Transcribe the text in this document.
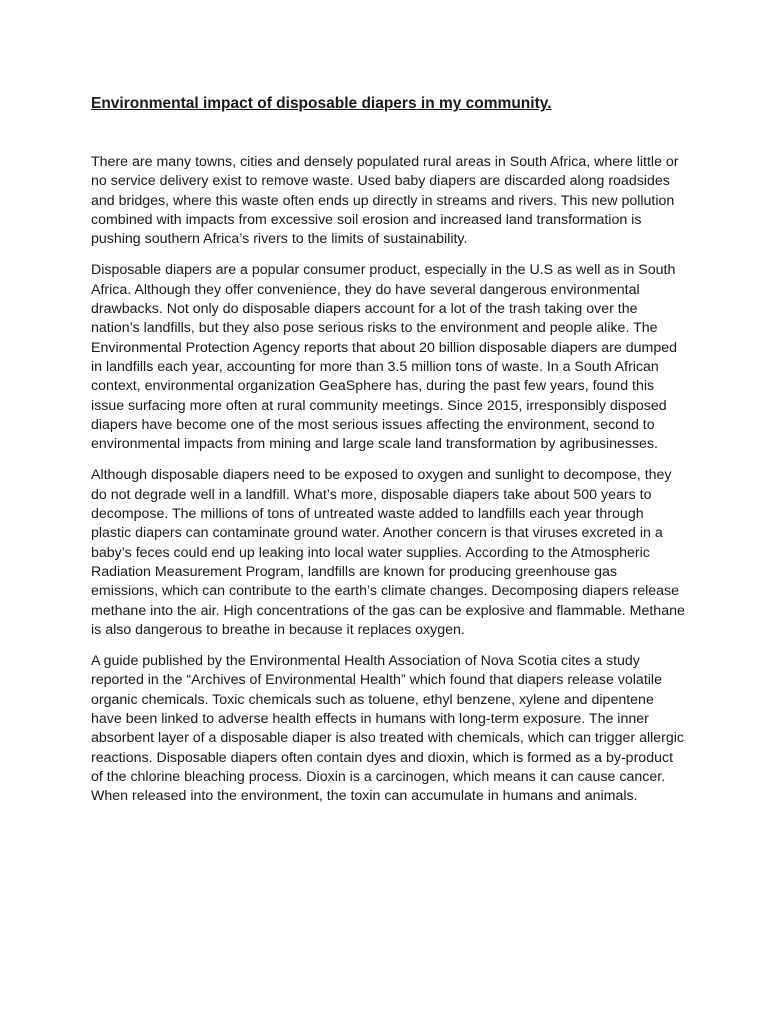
Environmental impact of disposable diapers in my community.

There are many towns, cities and densely populated rural areas in South Africa, where little or no service delivery exist to remove waste. Used baby diapers are discarded along roadsides and bridges, where this waste often ends up directly in streams and rivers. This new pollution combined with impacts from excessive soil erosion and increased land transformation is pushing southern Africa’s rivers to the limits of sustainability.

Disposable diapers are a popular consumer product, especially in the U.S as well as in South Africa. Although they offer convenience, they do have several dangerous environmental drawbacks. Not only do disposable diapers account for a lot of the trash taking over the nation’s landfills, but they also pose serious risks to the environment and people alike. The Environmental Protection Agency reports that about 20 billion disposable diapers are dumped in landfills each year, accounting for more than 3.5 million tons of waste. In a South African context, environmental organization GeaSphere has, during the past few years, found this issue surfacing more often at rural community meetings. Since 2015, irresponsibly disposed diapers have become one of the most serious issues affecting the environment, second to environmental impacts from mining and large scale land transformation by agribusinesses.

Although disposable diapers need to be exposed to oxygen and sunlight to decompose, they do not degrade well in a landfill. What’s more, disposable diapers take about 500 years to decompose. The millions of tons of untreated waste added to landfills each year through plastic diapers can contaminate ground water. Another concern is that viruses excreted in a baby’s feces could end up leaking into local water supplies. According to the Atmospheric Radiation Measurement Program, landfills are known for producing greenhouse gas emissions, which can contribute to the earth’s climate changes. Decomposing diapers release methane into the air. High concentrations of the gas can be explosive and flammable. Methane is also dangerous to breathe in because it replaces oxygen.

A guide published by the Environmental Health Association of Nova Scotia cites a study reported in the “Archives of Environmental Health” which found that diapers release volatile organic chemicals. Toxic chemicals such as toluene, ethyl benzene, xylene and dipentene have been linked to adverse health effects in humans with long-term exposure. The inner absorbent layer of a disposable diaper is also treated with chemicals, which can trigger allergic reactions. Disposable diapers often contain dyes and dioxin, which is formed as a by-product of the chlorine bleaching process. Dioxin is a carcinogen, which means it can cause cancer. When released into the environment, the toxin can accumulate in humans and animals.
